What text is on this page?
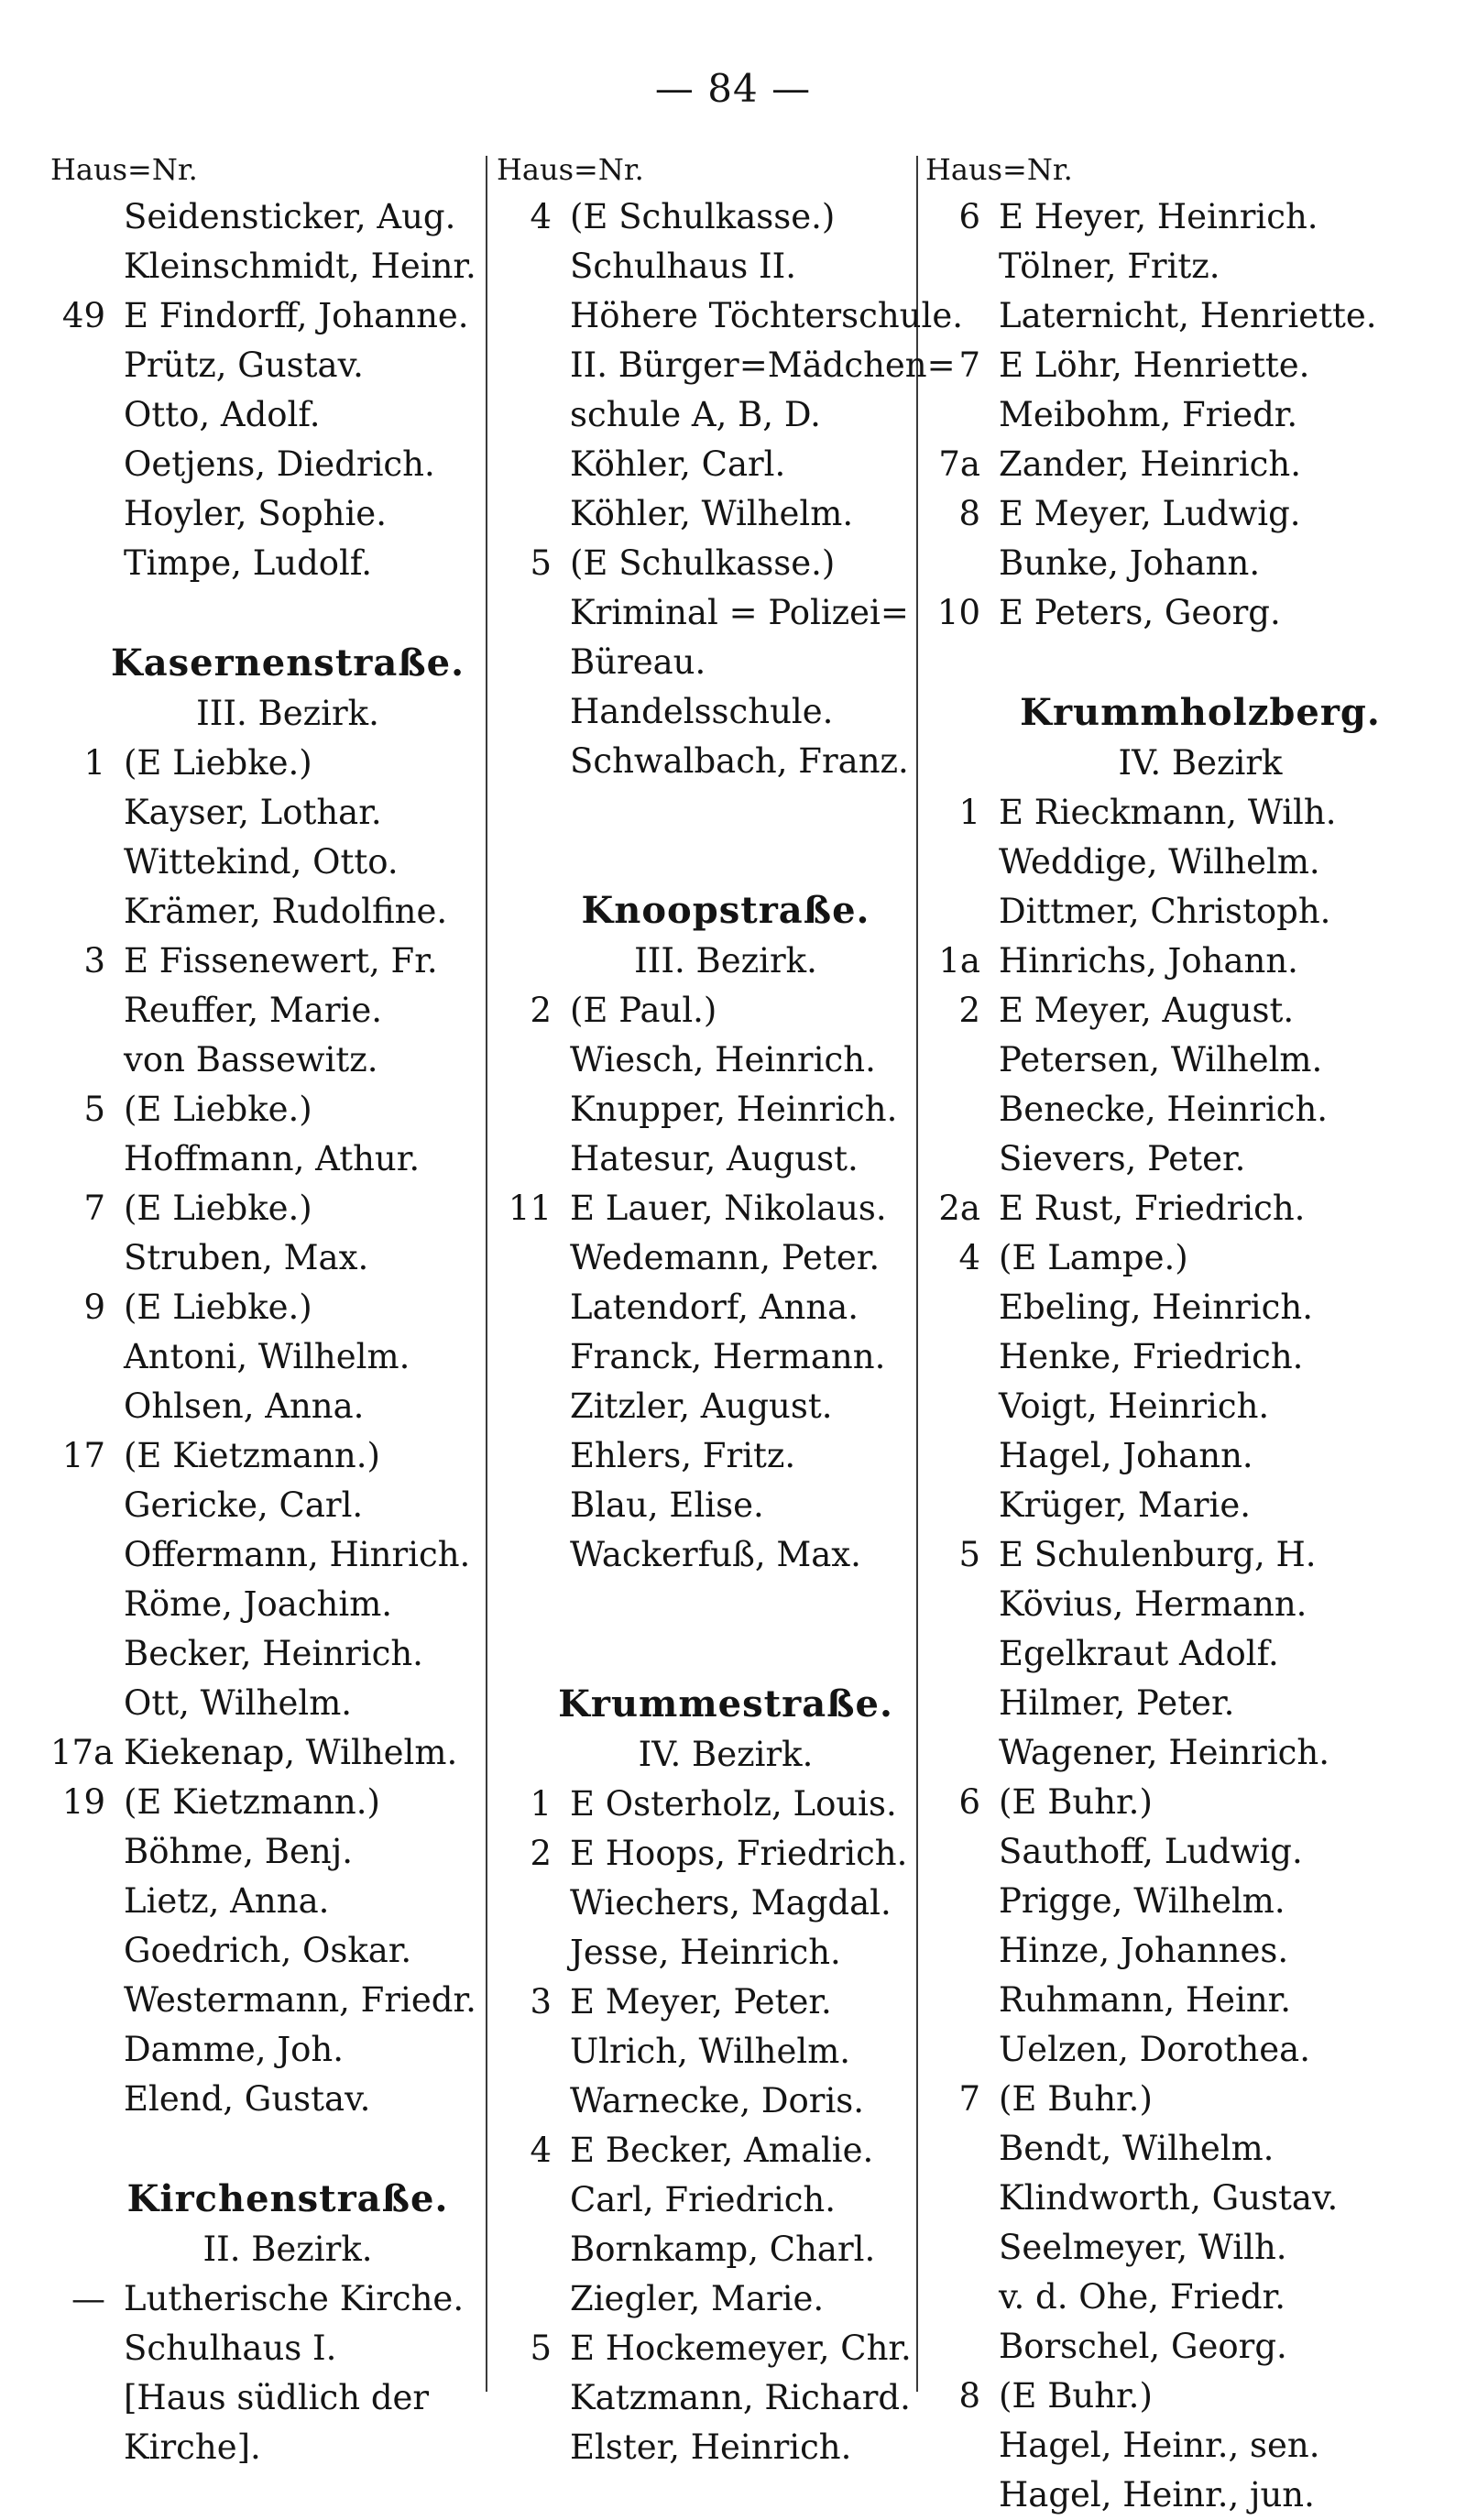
— 84 —
Haus=Nr.
Seidensticker, Aug.
Kleinschmidt, Heinr.
49 E Findorff, Johanne.
Prütz, Gustav.
Otto, Adolf.
Oetjens, Diedrich.
Hoyler, Sophie.
Timpe, Ludolf.
Kasernenstraße.
III. Bezirk.
1 (E Liebke.)
Kayser, Lothar.
Wittekind, Otto.
Krämer, Rudolfine.
3 E Fissenewert, Fr.
Reuffer, Marie.
von Bassewitz.
5 (E Liebke.)
Hoffmann, Athur.
7 (E Liebke.)
Struben, Max.
9 (E Liebke.)
Antoni, Wilhelm.
Ohlsen, Anna.
17 (E Kietzmann.)
Gericke, Carl.
Offermann, Hinrich.
Röme, Joachim.
Becker, Heinrich.
Ott, Wilhelm.
17a Kiekenap, Wilhelm.
19 (E Kietzmann.)
Böhme, Benj.
Lietz, Anna.
Goedrich, Oskar.
Westermann, Friedr.
Damme, Joh.
Elend, Gustav.
Kirchenstraße.
II. Bezirk.
— Lutherische Kirche.
Schulhaus I.
[Haus südlich der
Kirche].
Haus=Nr.
4 (E Schulkasse.)
Schulhaus II.
Höhere Töchterschule.
II. Bürger=Mädchen=
schule A, B, D.
Köhler, Carl.
Köhler, Wilhelm.
5 (E Schulkasse.)
Kriminal = Polizei=
Büreau.
Handelsschule.
Schwalbach, Franz.
Knoopstraße.
III. Bezirk.
2 (E Paul.)
Wiesch, Heinrich.
Knupper, Heinrich.
Hatesur, August.
11 E Lauer, Nikolaus.
Wedemann, Peter.
Latendorf, Anna.
Franck, Hermann.
Zitzler, August.
Ehlers, Fritz.
Blau, Elise.
Wackerfuß, Max.
Krummestraße.
IV. Bezirk.
1 E Osterholz, Louis.
2 E Hoops, Friedrich.
Wiechers, Magdal.
Jesse, Heinrich.
3 E Meyer, Peter.
Ulrich, Wilhelm.
Warnecke, Doris.
4 E Becker, Amalie.
Carl, Friedrich.
Bornkamp, Charl.
Ziegler, Marie.
5 E Hockemeyer, Chr.
Katzmann, Richard.
Elster, Heinrich.
Haus=Nr.
6 E Heyer, Heinrich.
Tölner, Fritz.
Laternicht, Henriette.
7 E Löhr, Henriette.
Meibohm, Friedr.
7a Zander, Heinrich.
8 E Meyer, Ludwig.
Bunke, Johann.
10 E Peters, Georg.
Krummholzberg.
IV. Bezirk
1 E Rieckmann, Wilh.
Weddige, Wilhelm.
Dittmer, Christoph.
1a Hinrichs, Johann.
2 E Meyer, August.
Petersen, Wilhelm.
Benecke, Heinrich.
Sievers, Peter.
2a E Rust, Friedrich.
4 (E Lampe.)
Ebeling, Heinrich.
Henke, Friedrich.
Voigt, Heinrich.
Hagel, Johann.
Krüger, Marie.
5 E Schulenburg, H.
Kövius, Hermann.
Egelkraut Adolf.
Hilmer, Peter.
Wagener, Heinrich.
6 (E Buhr.)
Sauthoff, Ludwig.
Prigge, Wilhelm.
Hinze, Johannes.
Ruhmann, Heinr.
Uelzen, Dorothea.
7 (E Buhr.)
Bendt, Wilhelm.
Klindworth, Gustav.
Seelmeyer, Wilh.
v. d. Ohe, Friedr.
Borschel, Georg.
8 (E Buhr.)
Hagel, Heinr., sen.
Hagel, Heinr., jun.
